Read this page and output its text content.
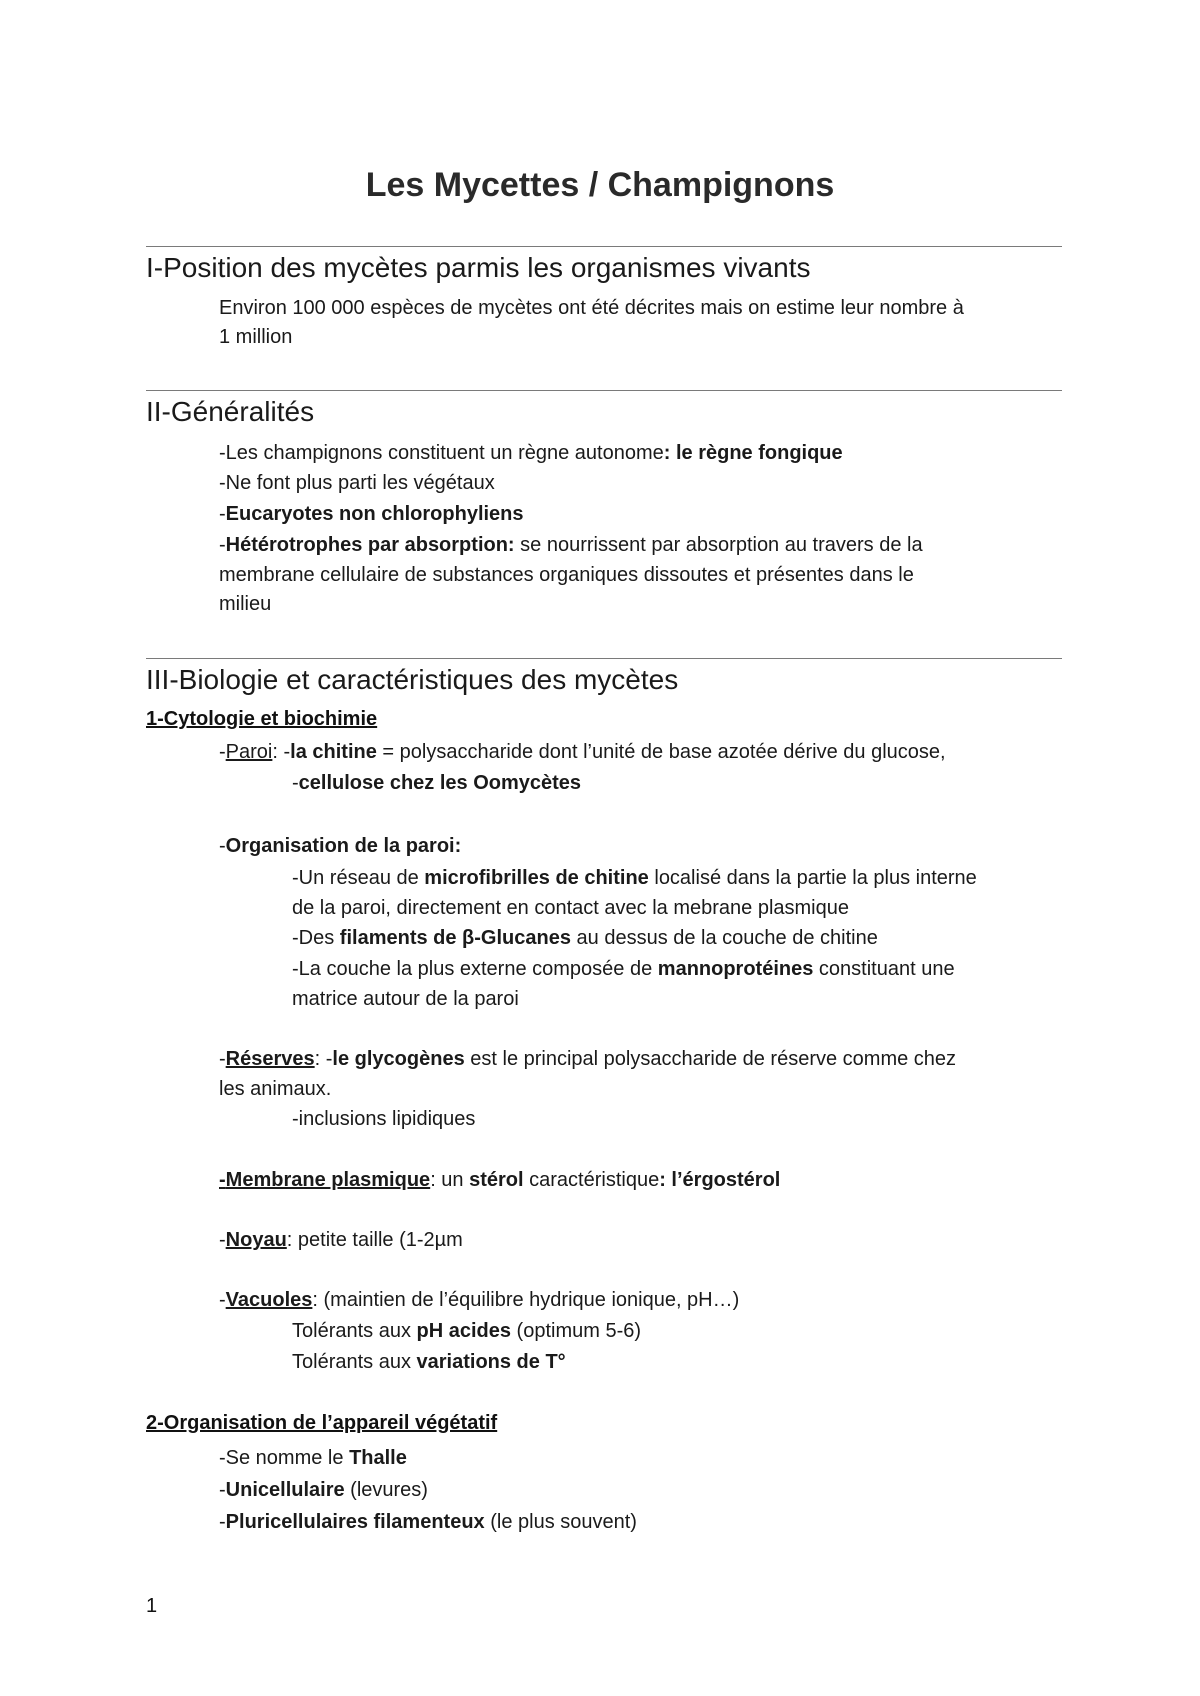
Les Mycettes / Champignons
I-Position des mycètes parmis les organismes vivants

Environ 100 000 espèces de mycètes ont été décrites mais on estime leur nombre à

1 million

II-Généralités

-Les champignons constituent un règne autonome: le règne fongique

-Ne font plus parti les végétaux

-Eucaryotes non chlorophyliens

-Hétérotrophes par absorption: se nourrissent par absorption au travers de la

membrane cellulaire de substances organiques dissoutes et présentes dans le

milieu

III-Biologie et caractéristiques des mycètes

1-Cytologie et biochimie

-Paroi: -la chitine = polysaccharide dont l’unité de base azotée dérive du glucose,

-cellulose chez les Oomycètes

-Organisation de la paroi:

-Un réseau de microfibrilles de chitine localisé dans la partie la plus interne

de la paroi, directement en contact avec la mebrane plasmique

-Des filaments de β-Glucanes au dessus de la couche de chitine

-La couche la plus externe composée de mannoprotéines constituant une

matrice autour de la paroi

-Réserves: -le glycogènes est le principal polysaccharide de réserve comme chez

les animaux.

-inclusions lipidiques

-Membrane plasmique: un stérol caractéristique: l’érgostérol

-Noyau: petite taille (1-2µm

-Vacuoles: (maintien de l’équilibre hydrique ionique, pH…)

Tolérants aux pH acides (optimum 5-6)

Tolérants aux variations de T°

2-Organisation de l’appareil végétatif

-Se nomme le Thalle

-Unicellulaire (levures)

-Pluricellulaires filamenteux (le plus souvent)

1
